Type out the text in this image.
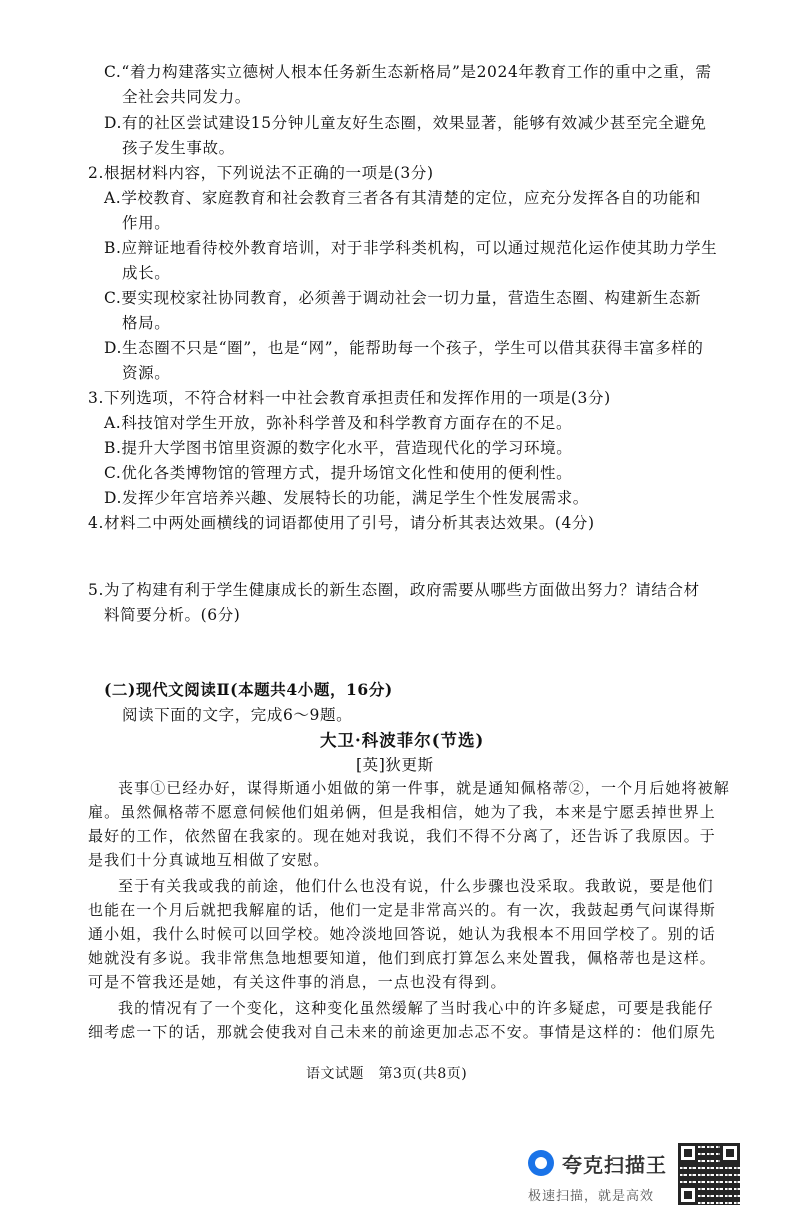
C.“着力构建落实立德树人根本任务新生态新格局”是2024年教育工作的重中之重，需
全社会共同发力。
D.有的社区尝试建设15分钟儿童友好生态圈，效果显著，能够有效减少甚至完全避免
孩子发生事故。
2.根据材料内容，下列说法不正确的一项是(3分)
A.学校教育、家庭教育和社会教育三者各有其清楚的定位，应充分发挥各自的功能和
作用。
B.应辩证地看待校外教育培训，对于非学科类机构，可以通过规范化运作使其助力学生
成长。
C.要实现校家社协同教育，必须善于调动社会一切力量，营造生态圈、构建新生态新
格局。
D.生态圈不只是“圈”，也是“网”，能帮助每一个孩子，学生可以借其获得丰富多样的
资源。
3.下列选项，不符合材料一中社会教育承担责任和发挥作用的一项是(3分)
A.科技馆对学生开放，弥补科学普及和科学教育方面存在的不足。
B.提升大学图书馆里资源的数字化水平，营造现代化的学习环境。
C.优化各类博物馆的管理方式，提升场馆文化性和使用的便利性。
D.发挥少年宫培养兴趣、发展特长的功能，满足学生个性发展需求。
4.材料二中两处画横线的词语都使用了引号，请分析其表达效果。(4分)
5.为了构建有利于学生健康成长的新生态圈，政府需要从哪些方面做出努力？请结合材
料简要分析。(6分)
(二)现代文阅读Ⅱ(本题共4小题，16分)
阅读下面的文字，完成6～9题。
大卫·科波菲尔(节选)
[英]狄更斯
丧事①已经办好，谋得斯通小姐做的第一件事，就是通知佩格蒂②，一个月后她将被解
雇。虽然佩格蒂不愿意伺候他们姐弟俩，但是我相信，她为了我，本来是宁愿丢掉世界上
最好的工作，依然留在我家的。现在她对我说，我们不得不分离了，还告诉了我原因。于
是我们十分真诚地互相做了安慰。
至于有关我或我的前途，他们什么也没有说，什么步骤也没采取。我敢说，要是他们
也能在一个月后就把我解雇的话，他们一定是非常高兴的。有一次，我鼓起勇气问谋得斯
通小姐，我什么时候可以回学校。她冷淡地回答说，她认为我根本不用回学校了。别的话
她就没有多说。我非常焦急地想要知道，他们到底打算怎么来处置我，佩格蒂也是这样。
可是不管我还是她，有关这件事的消息，一点也没有得到。
我的情况有了一个变化，这种变化虽然缓解了当时我心中的许多疑虑，可要是我能仔
细考虑一下的话，那就会使我对自己未来的前途更加忐忑不安。事情是这样的：他们原先
语文试题　第3页(共8页)
夸克扫描王
极速扫描，就是高效
